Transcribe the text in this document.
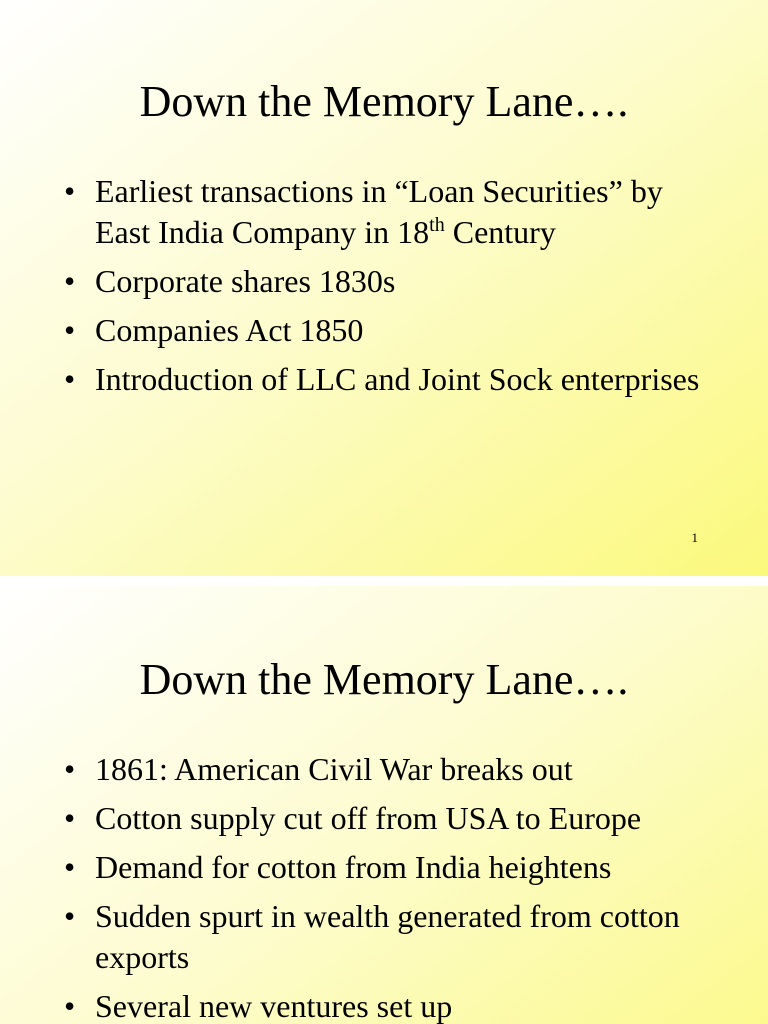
Down the Memory Lane….
• Earliest transactions in “Loan Securities” by East India Company in 18th Century
• Corporate shares 1830s
• Companies Act 1850
• Introduction of LLC and Joint Sock enterprises
1
Down the Memory Lane….
• 1861: American Civil War breaks out
• Cotton supply cut off from USA to Europe
• Demand for cotton from India heightens
• Sudden spurt in wealth generated from cotton exports
• Several new ventures set up
